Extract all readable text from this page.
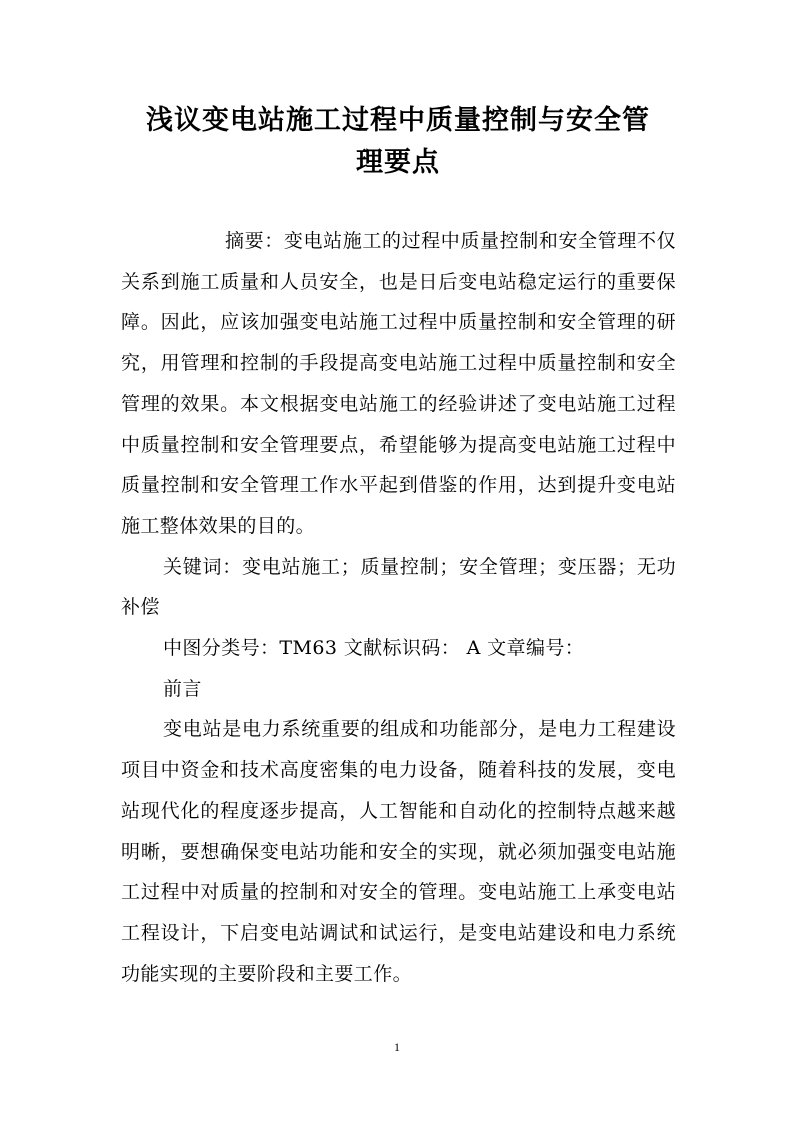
浅议变电站施工过程中质量控制与安全管
理要点

摘要：变电站施工的过程中质量控制和安全管理不仅关系到施工质量和人员安全，也是日后变电站稳定运行的重要保障。因此，应该加强变电站施工过程中质量控制和安全管理的研究，用管理和控制的手段提高变电站施工过程中质量控制和安全管理的效果。本文根据变电站施工的经验讲述了变电站施工过程中质量控制和安全管理要点，希望能够为提高变电站施工过程中质量控制和安全管理工作水平起到借鉴的作用，达到提升变电站施工整体效果的目的。

关键词：变电站施工；质量控制；安全管理；变压器；无功补偿

中图分类号：TM63 文献标识码： A 文章编号：

前言

变电站是电力系统重要的组成和功能部分，是电力工程建设项目中资金和技术高度密集的电力设备，随着科技的发展，变电站现代化的程度逐步提高，人工智能和自动化的控制特点越来越明晰，要想确保变电站功能和安全的实现，就必须加强变电站施工过程中对质量的控制和对安全的管理。变电站施工上承变电站工程设计，下启变电站调试和试运行，是变电站建设和电力系统功能实现的主要阶段和主要工作。

1
